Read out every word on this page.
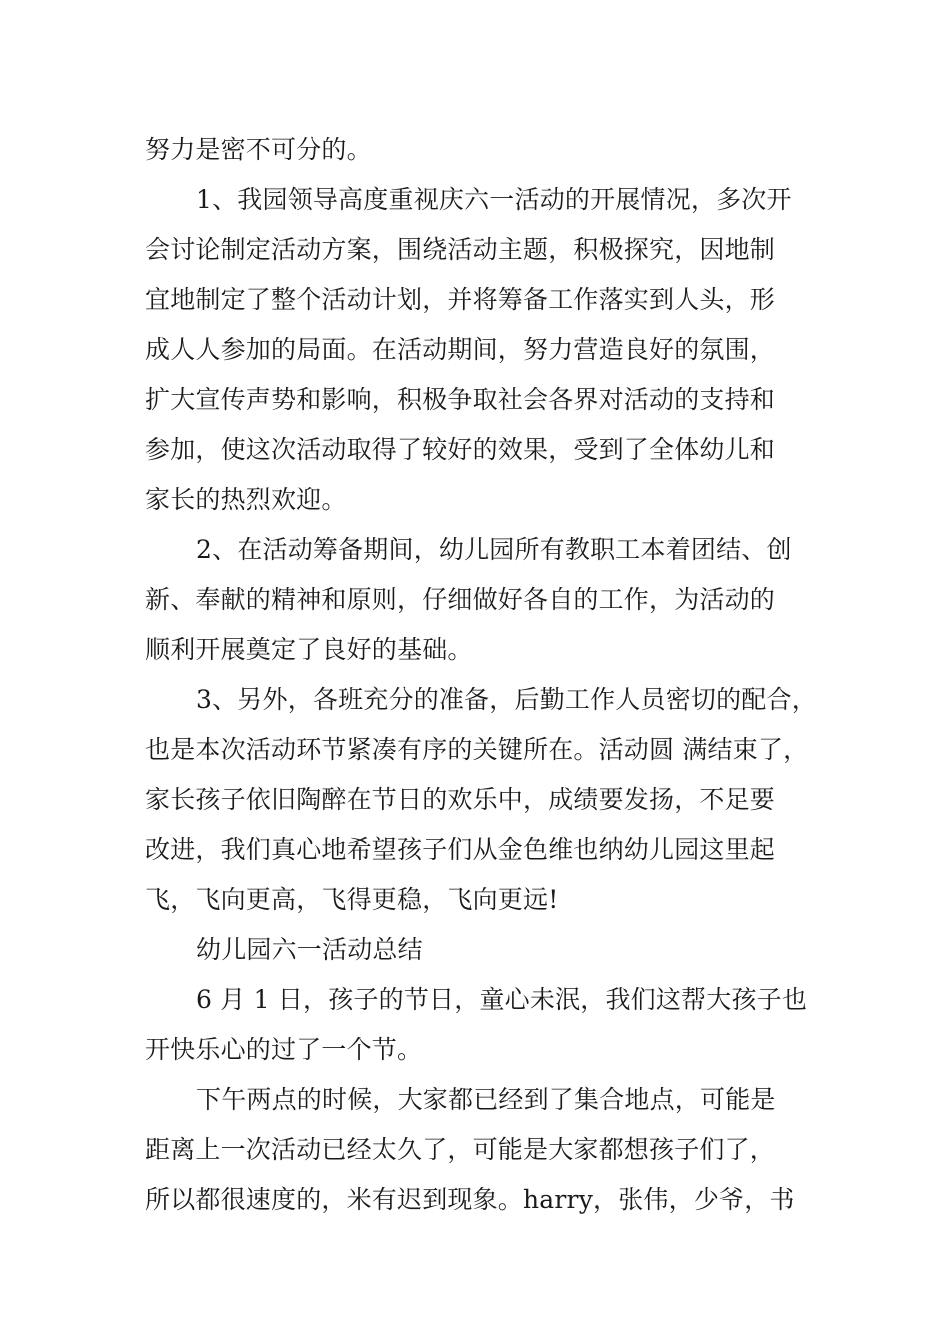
努力是密不可分的。

1、我园领导高度重视庆六一活动的开展情况，多次开

会讨论制定活动方案，围绕活动主题，积极探究，因地制

宜地制定了整个活动计划，并将筹备工作落实到人头，形

成人人参加的局面。在活动期间，努力营造良好的氛围，

扩大宣传声势和影响，积极争取社会各界对活动的支持和

参加，使这次活动取得了较好的效果，受到了全体幼儿和

家长的热烈欢迎。

2、在活动筹备期间，幼儿园所有教职工本着团结、创

新、奉献的精神和原则，仔细做好各自的工作，为活动的

顺利开展奠定了良好的基础。

3、另外，各班充分的准备，后勤工作人员密切的配合，

也是本次活动环节紧凑有序的关键所在。活动圆 满结束了，

家长孩子依旧陶醉在节日的欢乐中，成绩要发扬，不足要

改进，我们真心地希望孩子们从金色维也纳幼儿园这里起

飞，飞向更高，飞得更稳，飞向更远!

幼儿园六一活动总结

6 月 1 日，孩子的节日，童心未泯，我们这帮大孩子也

开快乐心的过了一个节。

下午两点的时候，大家都已经到了集合地点，可能是

距离上一次活动已经太久了，可能是大家都想孩子们了，

所以都很速度的，米有迟到现象。harry，张伟，少爷，书
